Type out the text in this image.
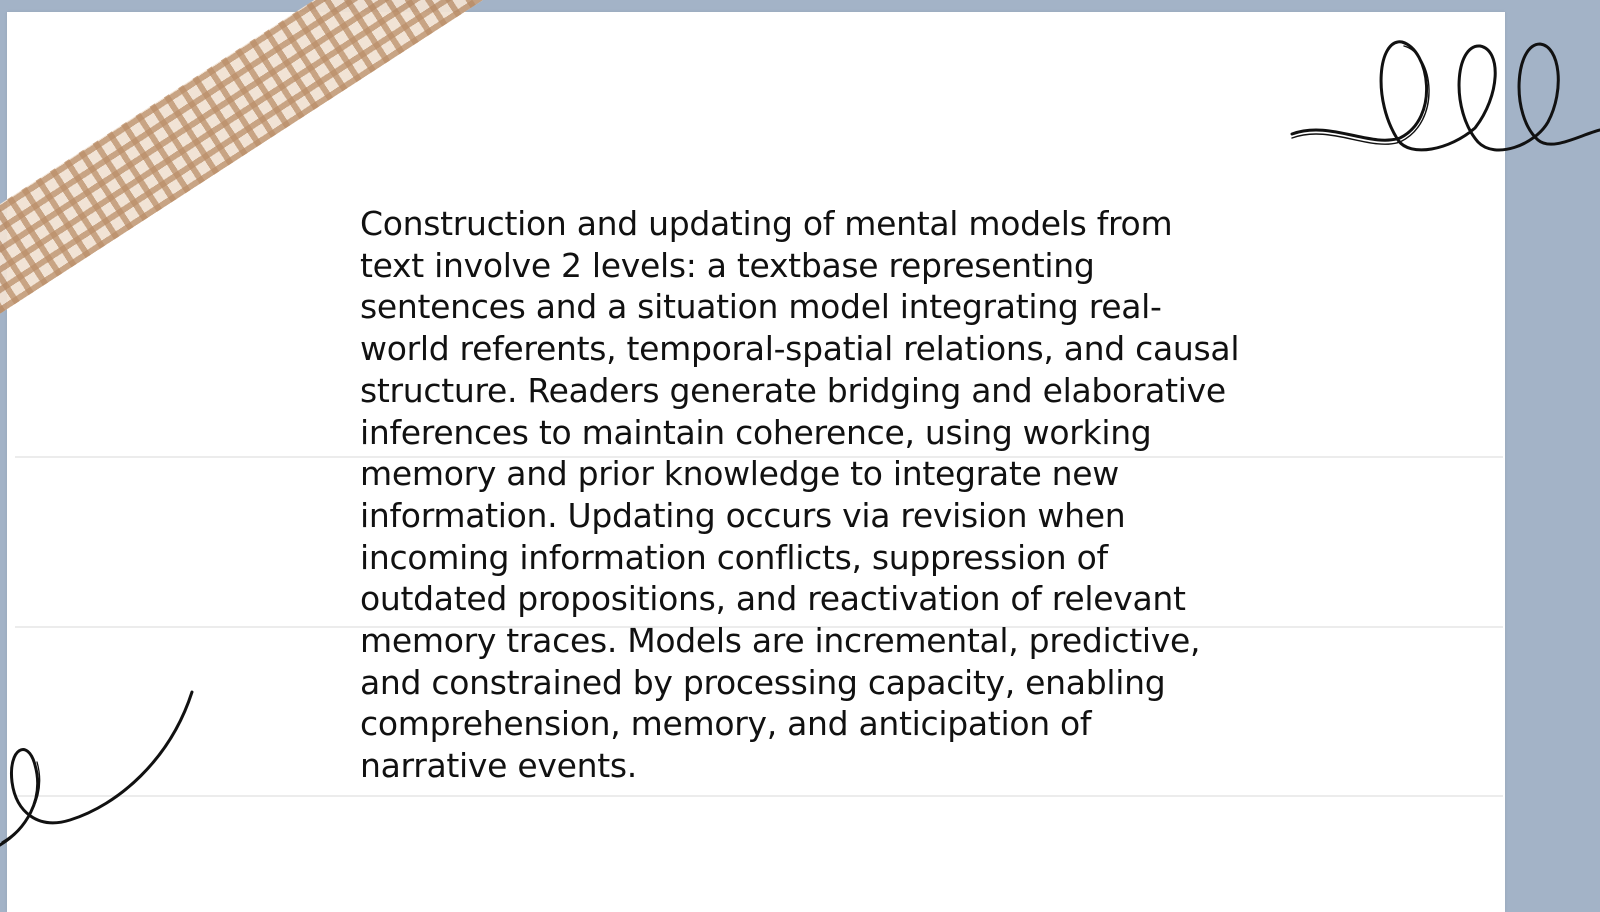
Construction and updating of mental models from
text involve 2 levels: a textbase representing
sentences and a situation model integrating real-
world referents, temporal-spatial relations, and causal
structure. Readers generate bridging and elaborative
inferences to maintain coherence, using working
memory and prior knowledge to integrate new
information. Updating occurs via revision when
incoming information conflicts, suppression of
outdated propositions, and reactivation of relevant
memory traces. Models are incremental, predictive,
and constrained by processing capacity, enabling
comprehension, memory, and anticipation of
narrative events.
